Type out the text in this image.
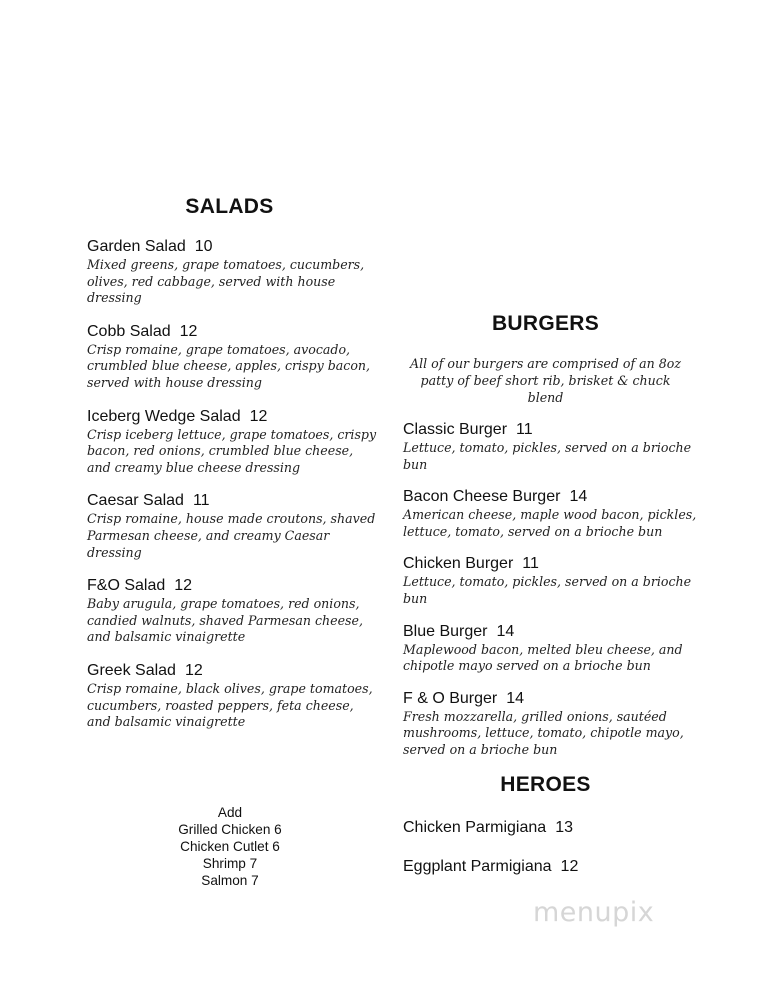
SALADS
Garden Salad 10
Mixed greens, grape tomatoes, cucumbers, olives, red cabbage, served with house dressing
Cobb Salad 12
Crisp romaine, grape tomatoes, avocado, crumbled blue cheese, apples, crispy bacon, served with house dressing
Iceberg Wedge Salad 12
Crisp iceberg lettuce, grape tomatoes, crispy bacon, red onions, crumbled blue cheese, and creamy blue cheese dressing
Caesar Salad 11
Crisp romaine, house made croutons, shaved Parmesan cheese, and creamy Caesar dressing
F&O Salad 12
Baby arugula, grape tomatoes, red onions, candied walnuts, shaved Parmesan cheese, and balsamic vinaigrette
Greek Salad 12
Crisp romaine, black olives, grape tomatoes, cucumbers, roasted peppers, feta cheese, and balsamic vinaigrette
Add
Grilled Chicken 6
Chicken Cutlet 6
Shrimp 7
Salmon 7
BURGERS
All of our burgers are comprised of an 8oz patty of beef short rib, brisket & chuck blend
Classic Burger 11
Lettuce, tomato, pickles, served on a brioche bun
Bacon Cheese Burger 14
American cheese, maple wood bacon, pickles, lettuce, tomato, served on a brioche bun
Chicken Burger 11
Lettuce, tomato, pickles, served on a brioche bun
Blue Burger 14
Maplewood bacon, melted bleu cheese, and chipotle mayo served on a brioche bun
F & O Burger 14
Fresh mozzarella, grilled onions, sautéed mushrooms, lettuce, tomato, chipotle mayo, served on a brioche bun
HEROES
Chicken Parmigiana 13
Eggplant Parmigiana 12
menupix
